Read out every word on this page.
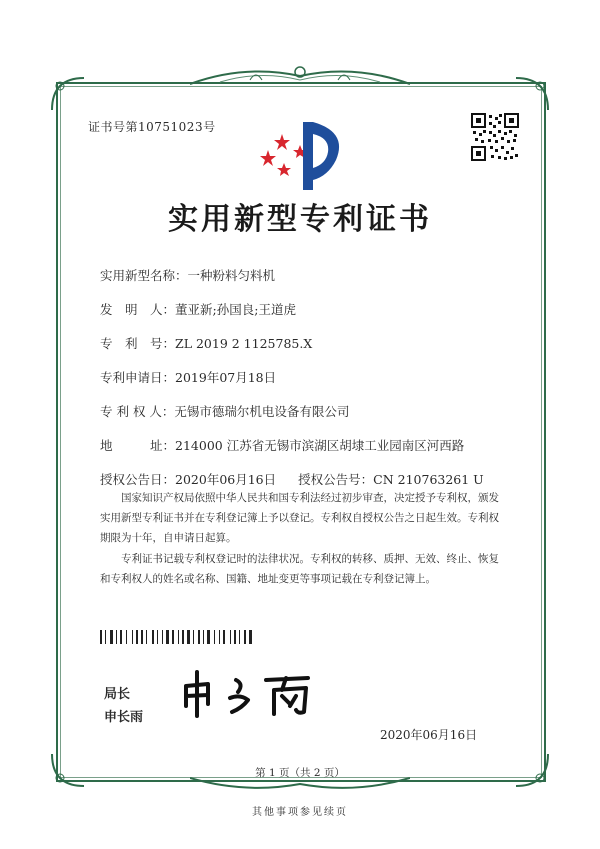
证书号第10751023号
实用新型专利证书
实用新型名称：一种粉料匀料机
发　明　人：董亚新;孙国良;王道虎
专　利　号：ZL 2019 2 1125785.X
专利申请日：2019年07月18日
专 利 权 人：无锡市德瑞尔机电设备有限公司
地　　　址：214000 江苏省无锡市滨湖区胡埭工业园南区河西路
授权公告日：2020年06月16日 授权公告号：CN 210763261 U
　　国家知识产权局依照中华人民共和国专利法经过初步审查，决定授予专利权，颁发实用新型专利证书并在专利登记簿上予以登记。专利权自授权公告之日起生效。专利权期限为十年，自申请日起算。
　　专利证书记载专利权登记时的法律状况。专利权的转移、质押、无效、终止、恢复和专利权人的姓名或名称、国籍、地址变更等事项记载在专利登记簿上。
局长
申长雨
2020年06月16日
第 1 页（共 2 页）
其他事项参见续页
